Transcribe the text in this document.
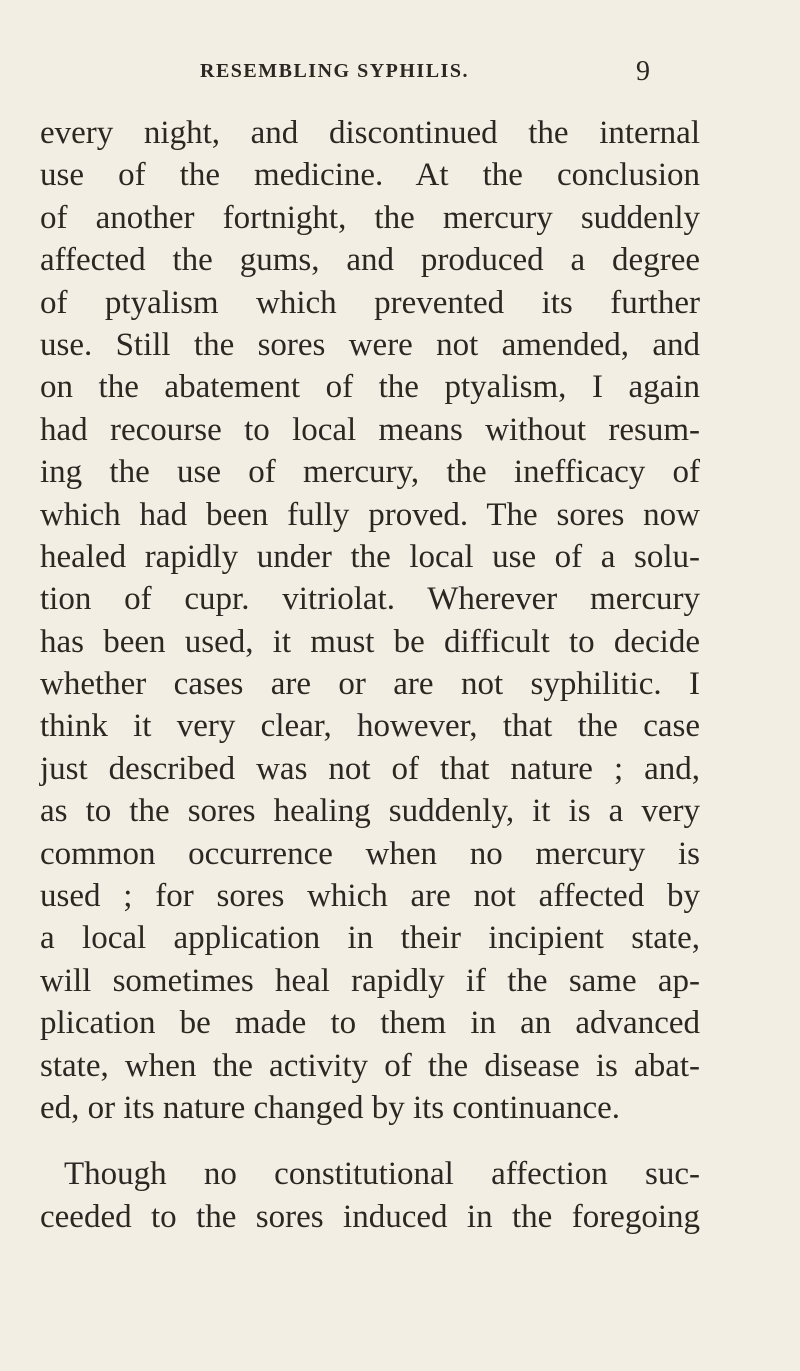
RESEMBLING SYPHILIS.	9
every night, and discontinued the internal
use of the medicine. At the conclusion
of another fortnight, the mercury suddenly
affected the gums, and produced a degree
of ptyalism which prevented its further
use. Still the sores were not amended, and
on the abatement of the ptyalism, I again
had recourse to local means without resum-
ing the use of mercury, the inefficacy of
which had been fully proved. The sores now
healed rapidly under the local use of a solu-
tion of cupr. vitriolat. Wherever mercury
has been used, it must be difficult to decide
whether cases are or are not syphilitic. I
think it very clear, however, that the case
just described was not of that nature ; and,
as to the sores healing suddenly, it is a very
common occurrence when no mercury is
used ; for sores which are not affected by
a local application in their incipient state,
will sometimes heal rapidly if the same ap-
plication be made to them in an advanced
state, when the activity of the disease is abat-
ed, or its nature changed by its continuance.
Though no constitutional affection suc-
ceeded to the sores induced in the foregoing
